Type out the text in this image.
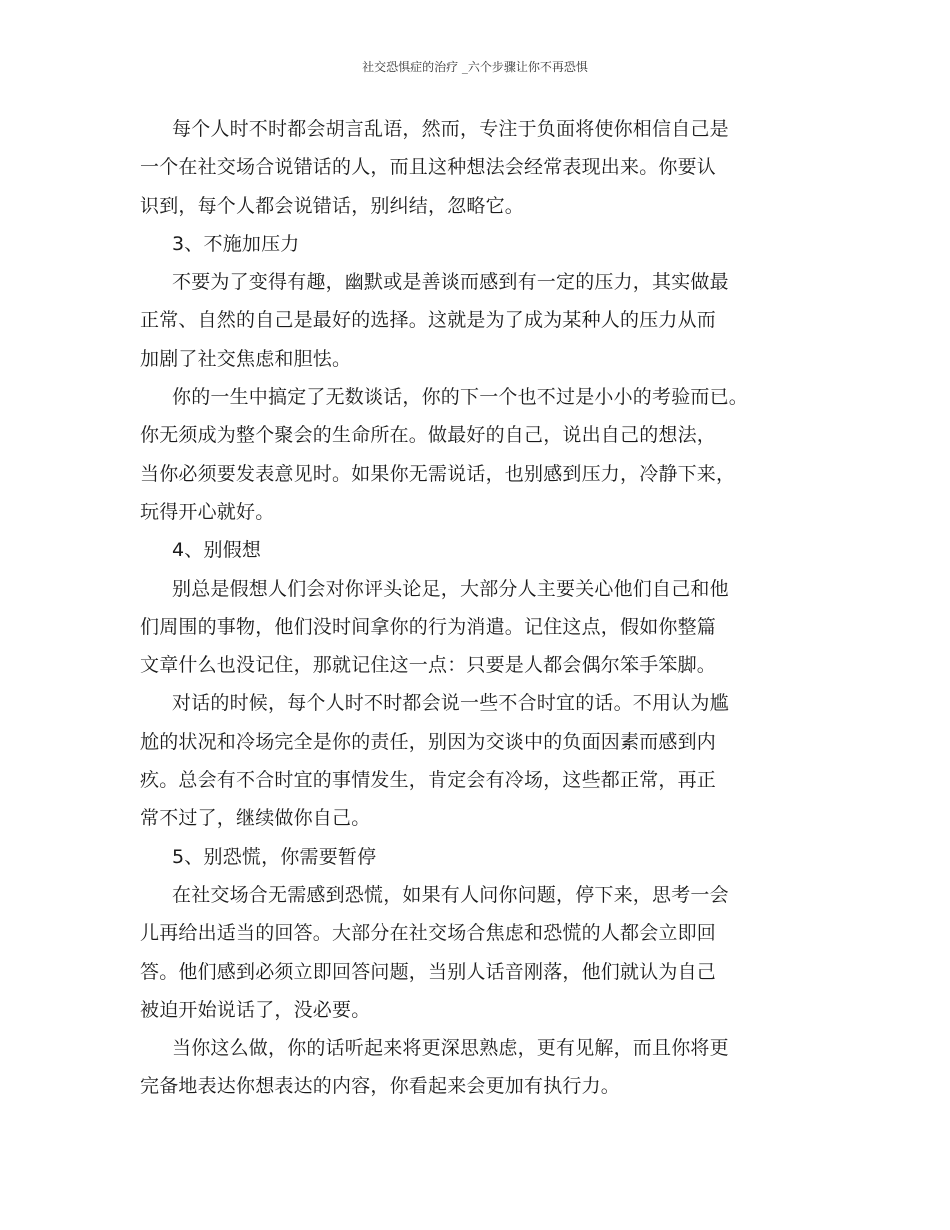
社交恐惧症的治疗 _六个步骤让你不再恐惧
每个人时不时都会胡言乱语，然而，专注于负面将使你相信自己是
一个在社交场合说错话的人，而且这种想法会经常表现出来。你要认
识到，每个人都会说错话，别纠结，忽略它。
3、不施加压力
不要为了变得有趣，幽默或是善谈而感到有一定的压力，其实做最
正常、自然的自己是最好的选择。这就是为了成为某种人的压力从而
加剧了社交焦虑和胆怯。
你的一生中搞定了无数谈话，你的下一个也不过是小小的考验而已。
你无须成为整个聚会的生命所在。做最好的自己，说出自己的想法，
当你必须要发表意见时。如果你无需说话，也别感到压力，冷静下来，
玩得开心就好。
4、别假想
别总是假想人们会对你评头论足，大部分人主要关心他们自己和他
们周围的事物，他们没时间拿你的行为消遣。记住这点，假如你整篇
文章什么也没记住，那就记住这一点：只要是人都会偶尔笨手笨脚。
对话的时候，每个人时不时都会说一些不合时宜的话。不用认为尴
尬的状况和冷场完全是你的责任，别因为交谈中的负面因素而感到内
疚。总会有不合时宜的事情发生，肯定会有冷场，这些都正常，再正
常不过了，继续做你自己。
5、别恐慌，你需要暂停
在社交场合无需感到恐慌，如果有人问你问题，停下来，思考一会
儿再给出适当的回答。大部分在社交场合焦虑和恐慌的人都会立即回
答。他们感到必须立即回答问题，当别人话音刚落，他们就认为自己
被迫开始说话了，没必要。
当你这么做，你的话听起来将更深思熟虑，更有见解，而且你将更
完备地表达你想表达的内容，你看起来会更加有执行力。
